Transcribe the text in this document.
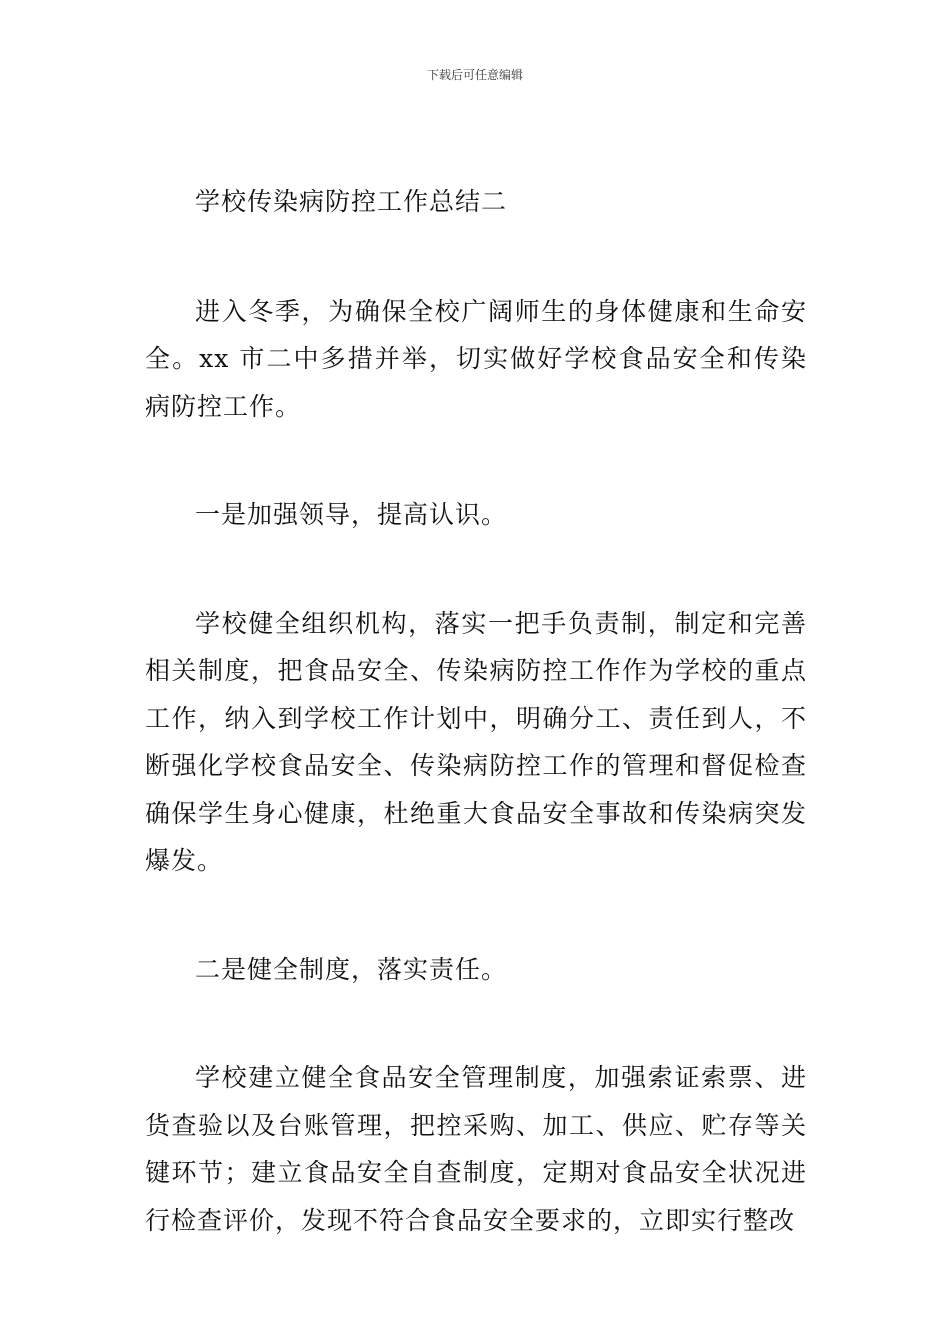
下载后可任意编辑

学校传染病防控工作总结二

进入冬季，为确保全校广阔师生的身体健康和生命安全。xx 市二中多措并举，切实做好学校食品安全和传染病防控工作。

一是加强领导，提高认识。

学校健全组织机构，落实一把手负责制，制定和完善相关制度，把食品安全、传染病防控工作作为学校的重点工作，纳入到学校工作计划中，明确分工、责任到人，不断强化学校食品安全、传染病防控工作的管理和督促检查确保学生身心健康，杜绝重大食品安全事故和传染病突发爆发。

二是健全制度，落实责任。

学校建立健全食品安全管理制度，加强索证索票、进货查验以及台账管理，把控采购、加工、供应、贮存等关键环节；建立食品安全自查制度，定期对食品安全状况进行检查评价，发现不符合食品安全要求的，立即实行整改
